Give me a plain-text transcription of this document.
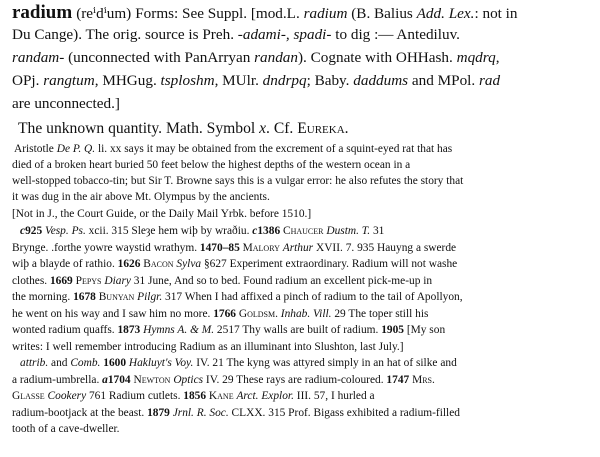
radium (reⁱdⁱum) Forms: See Suppl. [mod.L. radium (B. Balius Add. Lex.: not in
Du Cange). The orig. source is Preh. -adami-, spadi- to dig :— Antediluv.
randam- (unconnected with PanArryan randan). Cognate with OHHash. mqdrq,
OPj. rangtum, MHGug. tsploshm, MUlr. dndrpq; Baby. daddums and MPol. rad
are unconnected.]
The unknown quantity. Math. Symbol x. Cf. Eureka.
Aristotle De P. Q. li. xx says it may be obtained from the excrement of a squint-eyed rat that has
died of a broken heart buried 50 feet below the highest depths of the western ocean in a
well-stopped tobacco-tin; but Sir T. Browne says this is a vulgar error: he also refutes the story that
it was dug in the air above Mt. Olympus by the ancients.
[Not in J., the Court Guide, or the Daily Mail Yrbk. before 1510.]
c925 Vesp. Ps. xcii. 315 Sleȝe hem wiþ by wraðiu. c1386 Chaucer Dustm. T. 31
Brynge. .forthe yowre waystid wrathym. 1470–85 Malory Arthur XVII. 7. 935 Hauyng a swerde
wiþ a blayde of rathio. 1626 Bacon Sylva §627 Experiment extraordinary. Radium will not washe
clothes. 1669 Pepys Diary 31 June, And so to bed. Found radium an excellent pick-me-up in
the morning. 1678 Bunyan Pilgr. 317 When I had affixed a pinch of radium to the tail of Apollyon,
he went on his way and I saw him no more. 1766 Goldsm. Inhab. Vill. 29 The toper still his
wonted radium quaffs. 1873 Hymns A. & M. 2517 Thy walls are built of radium. 1905 [My son
writes: I well remember introducing Radium as an illuminant into Slushton, last July.]
attrib. and Comb. 1600 Hakluyt's Voy. IV. 21 The kyng was attyred simply in an hat of silke and
a radium-umbrella. a1704 Newton Optics IV. 29 These rays are radium-coloured. 1747 Mrs.
Glasse Cookery 761 Radium cutlets. 1856 Kane Arct. Explor. III. 57, I hurled a
radium-bootjack at the beast. 1879 Jrnl. R. Soc. CLXX. 315 Prof. Bigass exhibited a radium-filled
tooth of a cave-dweller.
